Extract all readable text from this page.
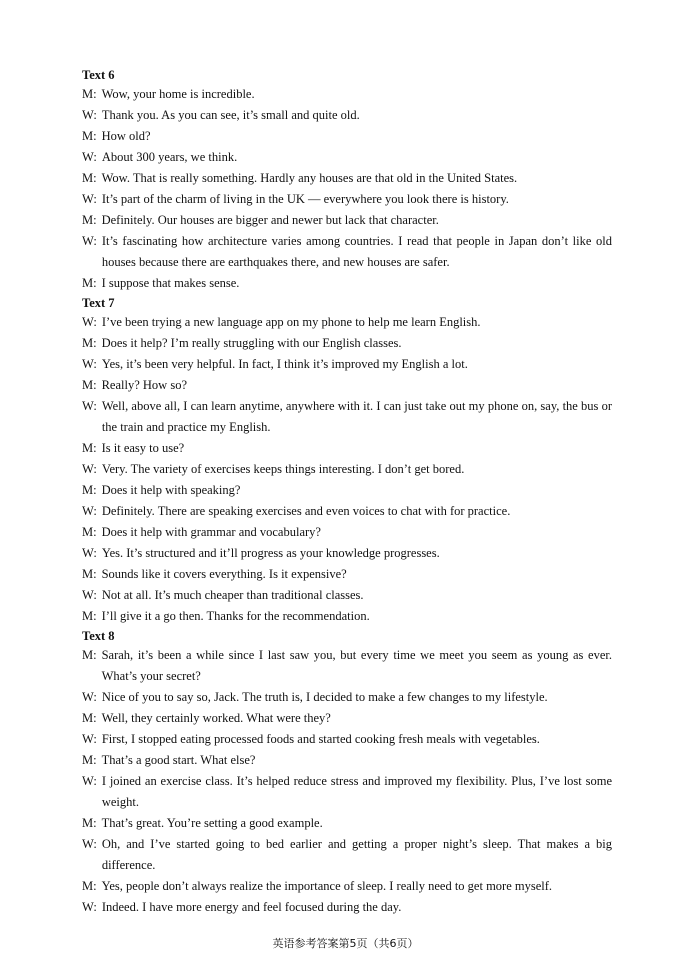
Text 6
M: Wow, your home is incredible.
W: Thank you. As you can see, it’s small and quite old.
M: How old?
W: About 300 years, we think.
M: Wow. That is really something. Hardly any houses are that old in the United States.
W: It’s part of the charm of living in the UK — everywhere you look there is history.
M: Definitely. Our houses are bigger and newer but lack that character.
W: It’s fascinating how architecture varies among countries. I read that people in Japan don’t like old houses because there are earthquakes there, and new houses are safer.
M: I suppose that makes sense.
Text 7
W: I’ve been trying a new language app on my phone to help me learn English.
M: Does it help? I’m really struggling with our English classes.
W: Yes, it’s been very helpful. In fact, I think it’s improved my English a lot.
M: Really? How so?
W: Well, above all, I can learn anytime, anywhere with it. I can just take out my phone on, say, the bus or the train and practice my English.
M: Is it easy to use?
W: Very. The variety of exercises keeps things interesting. I don’t get bored.
M: Does it help with speaking?
W: Definitely. There are speaking exercises and even voices to chat with for practice.
M: Does it help with grammar and vocabulary?
W: Yes. It’s structured and it’ll progress as your knowledge progresses.
M: Sounds like it covers everything. Is it expensive?
W: Not at all. It’s much cheaper than traditional classes.
M: I’ll give it a go then. Thanks for the recommendation.
Text 8
M: Sarah, it’s been a while since I last saw you, but every time we meet you seem as young as ever. What’s your secret?
W: Nice of you to say so, Jack. The truth is, I decided to make a few changes to my lifestyle.
M: Well, they certainly worked. What were they?
W: First, I stopped eating processed foods and started cooking fresh meals with vegetables.
M: That’s a good start. What else?
W: I joined an exercise class. It’s helped reduce stress and improved my flexibility. Plus, I’ve lost some weight.
M: That’s great. You’re setting a good example.
W: Oh, and I’ve started going to bed earlier and getting a proper night’s sleep. That makes a big difference.
M: Yes, people don’t always realize the importance of sleep. I really need to get more myself.
W: Indeed. I have more energy and feel focused during the day.
英语参考答案第5页（共6页）
